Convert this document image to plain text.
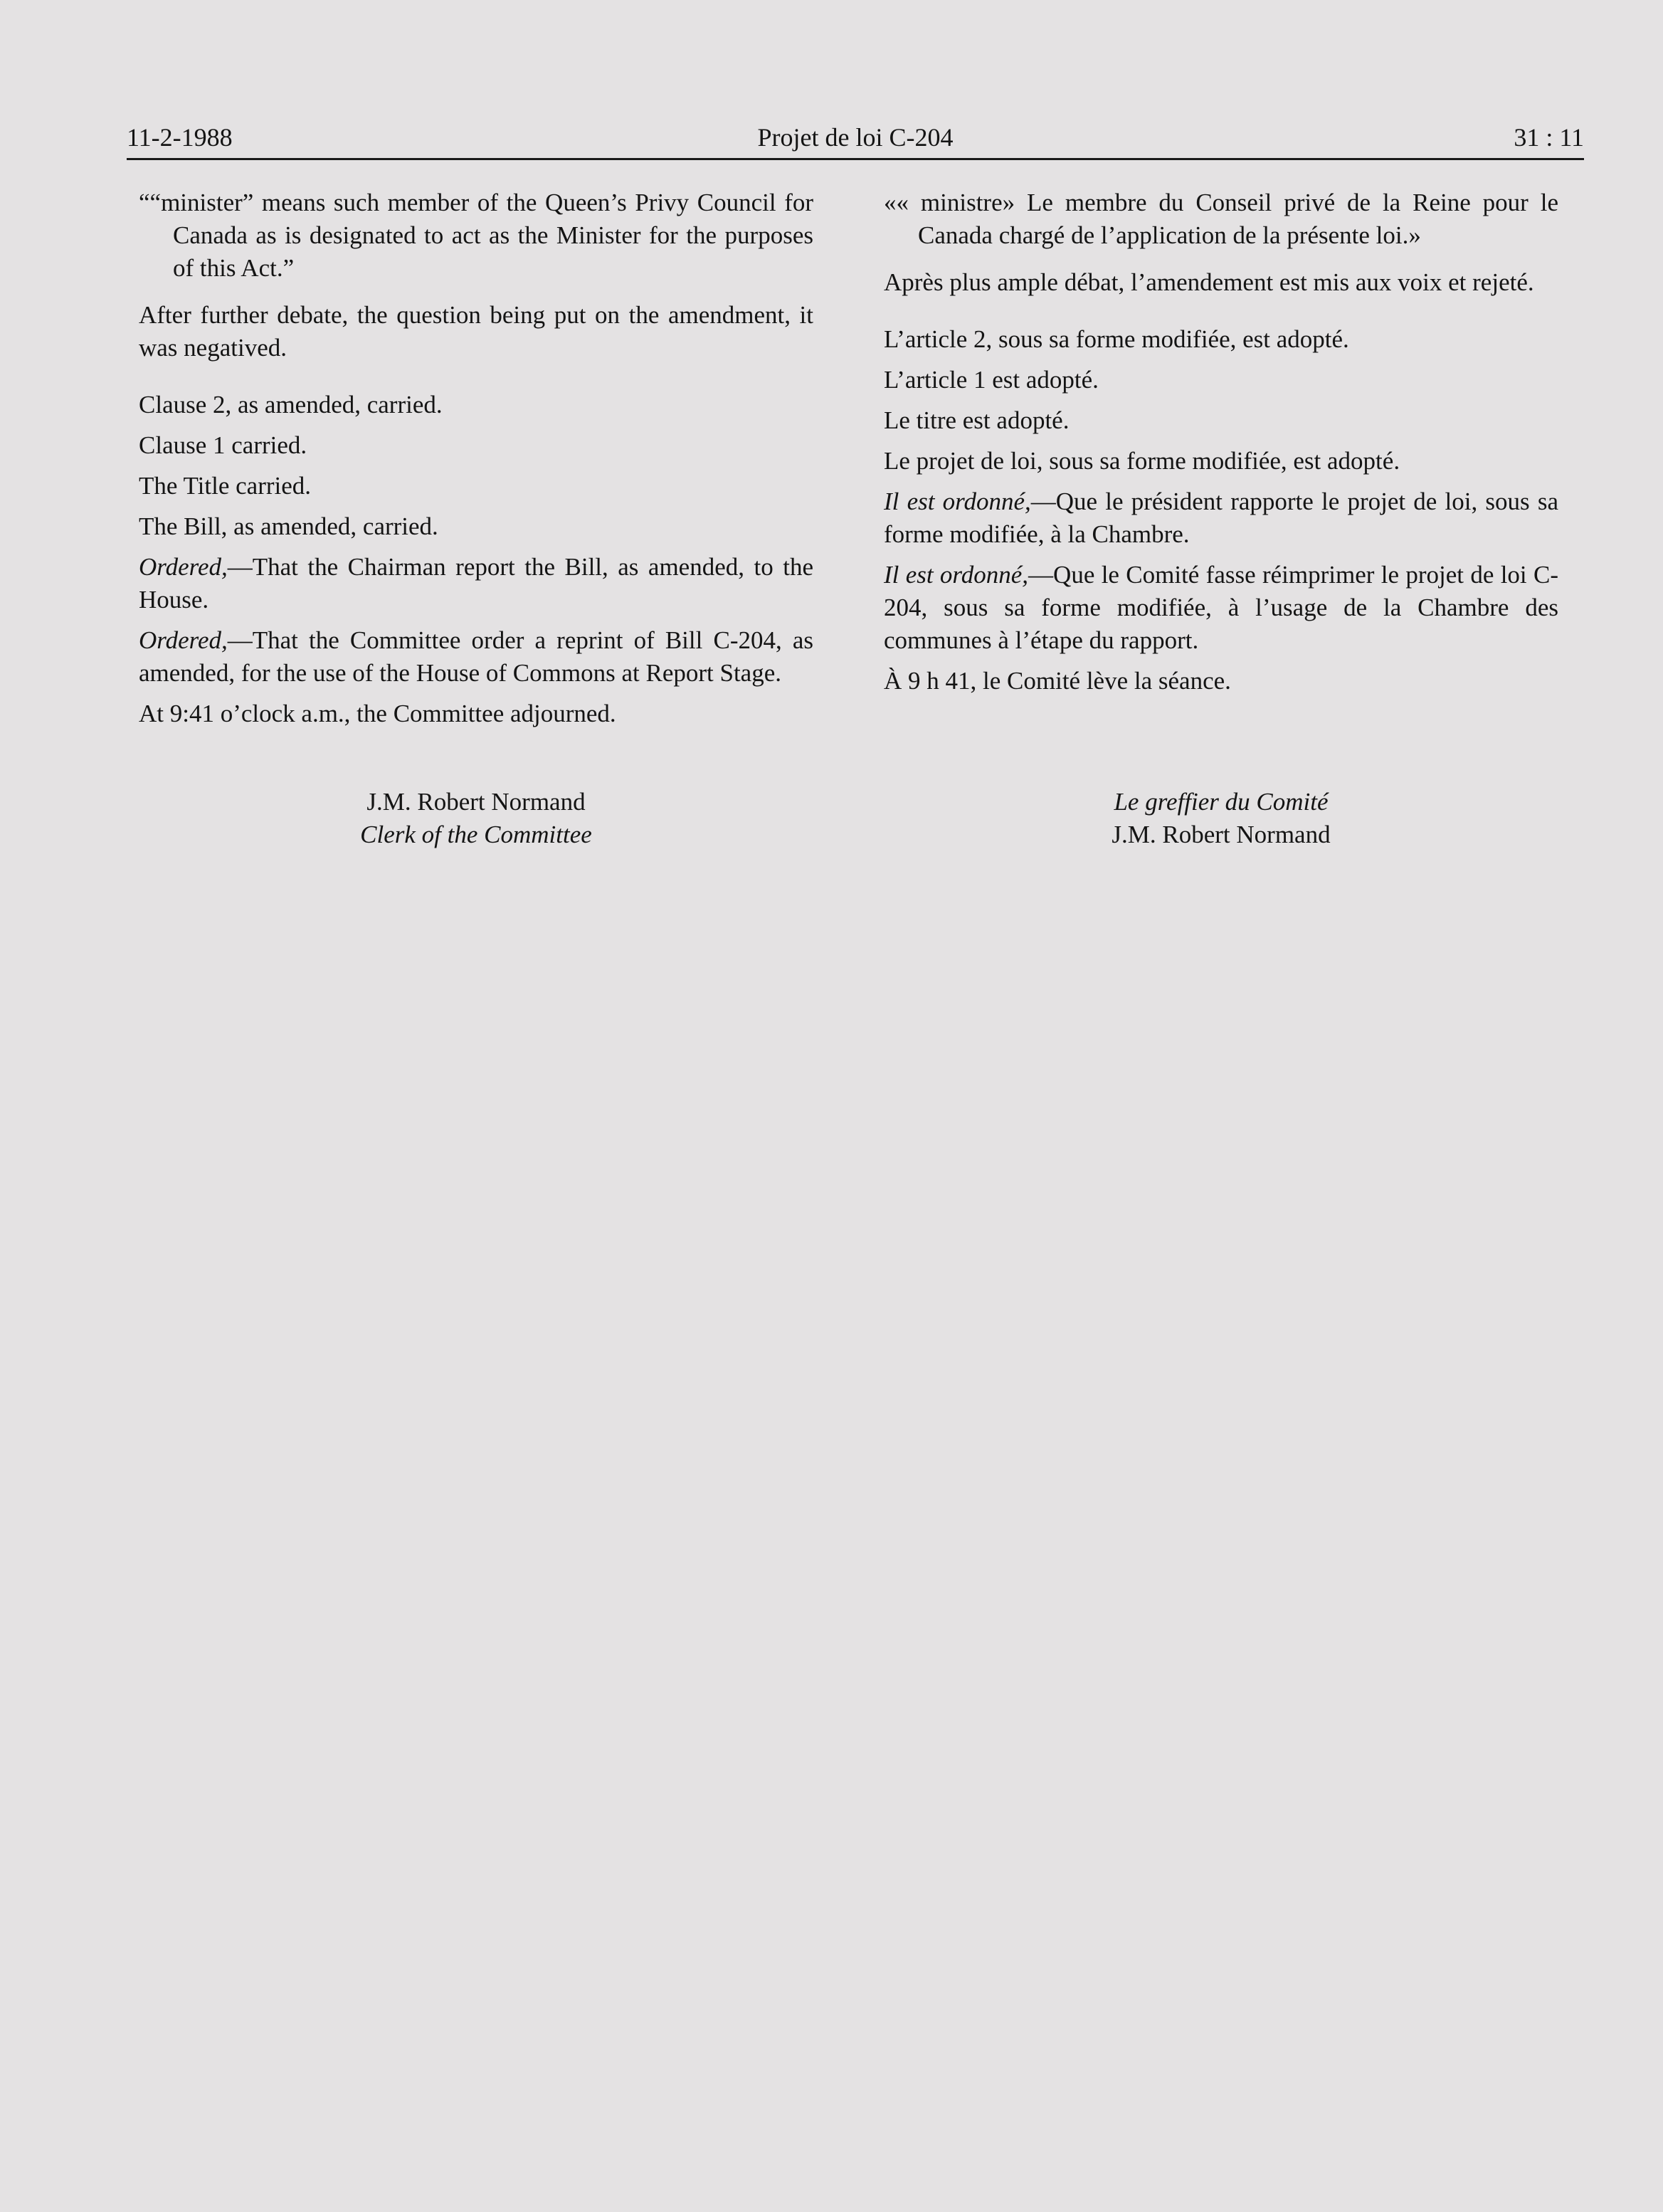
11-2-1988	Projet de loi C-204	31 : 11

““minister” means such member of the Queen’s Privy Council for Canada as is designated to act as the Minister for the purposes of this Act.”

After further debate, the question being put on the amendment, it was negatived.

Clause 2, as amended, carried.

Clause 1 carried.

The Title carried.

The Bill, as amended, carried.

Ordered,—That the Chairman report the Bill, as amended, to the House.

Ordered,—That the Committee order a reprint of Bill C-204, as amended, for the use of the House of Commons at Report Stage.

At 9:41 o’clock a.m., the Committee adjourned.

«« ministre» Le membre du Conseil privé de la Reine pour le Canada chargé de l’application de la présente loi.»

Après plus ample débat, l’amendement est mis aux voix et rejeté.

L’article 2, sous sa forme modifiée, est adopté.

L’article 1 est adopté.

Le titre est adopté.

Le projet de loi, sous sa forme modifiée, est adopté.

Il est ordonné,—Que le président rapporte le projet de loi, sous sa forme modifiée, à la Chambre.

Il est ordonné,—Que le Comité fasse réimprimer le projet de loi C-204, sous sa forme modifiée, à l’usage de la Chambre des communes à l’étape du rapport.

À 9 h 41, le Comité lève la séance.

J.M. Robert Normand
Clerk of the Committee
Le greffier du Comité
J.M. Robert Normand
